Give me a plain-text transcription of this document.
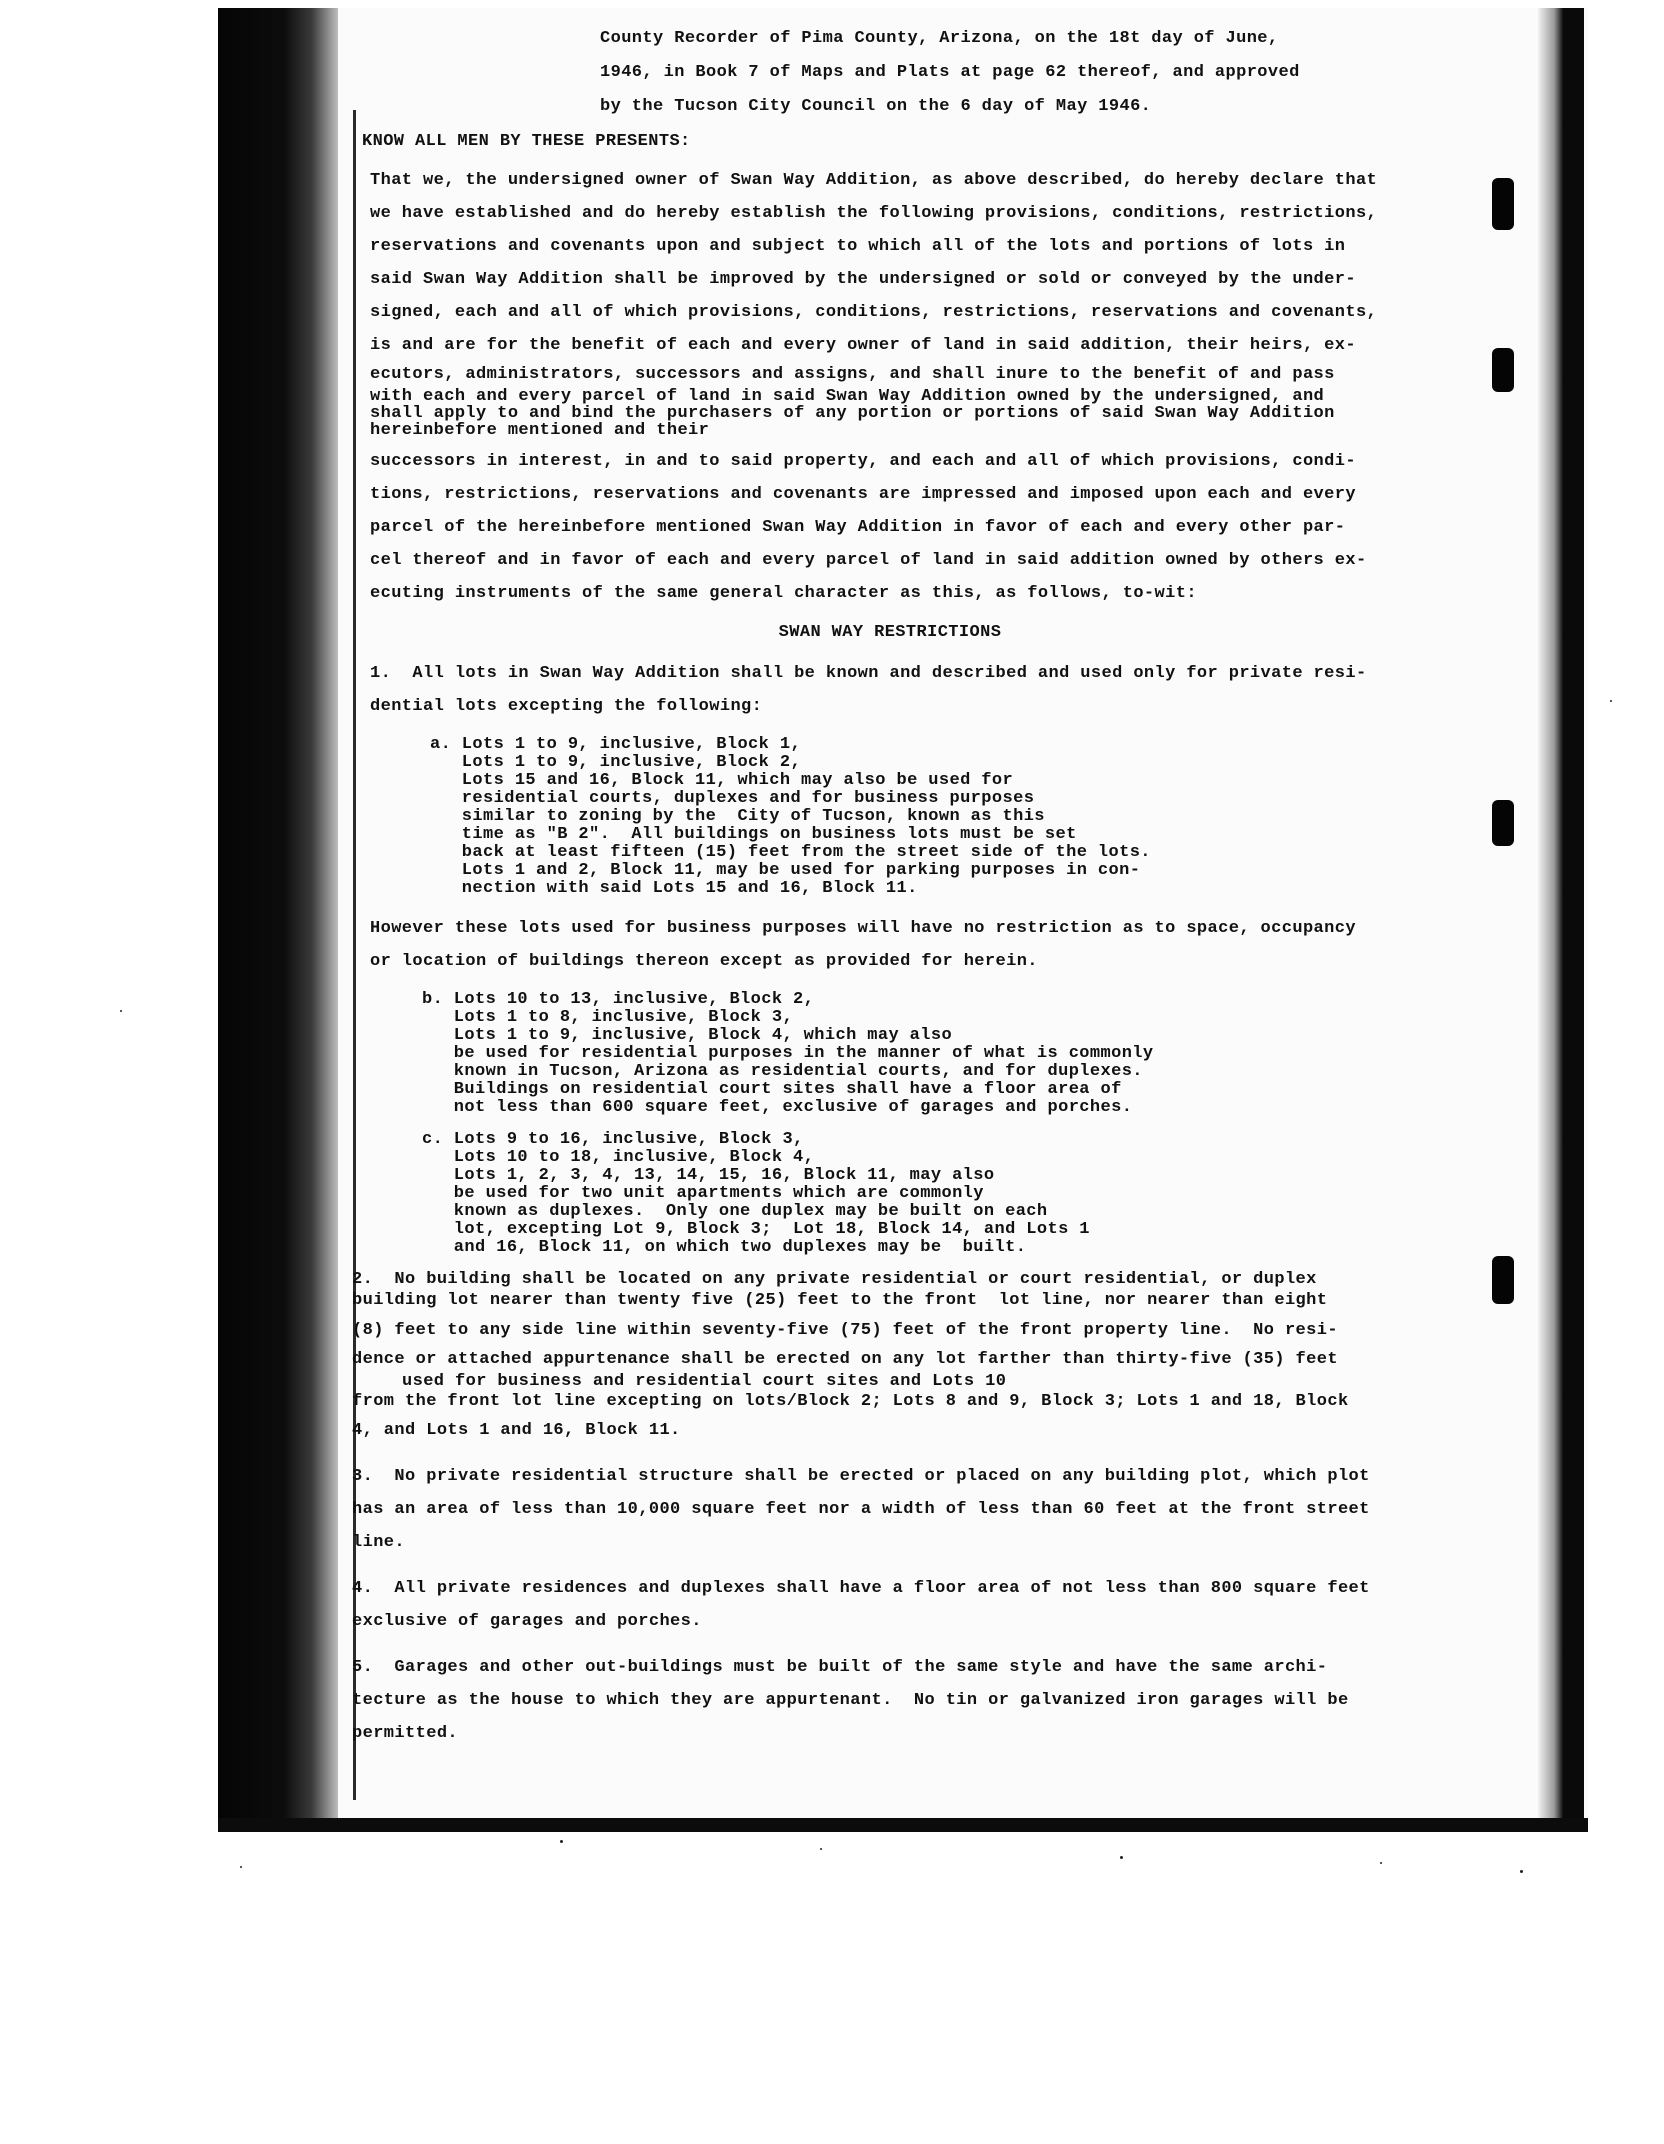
County Recorder of Pima County, Arizona, on the 18t day of June,
1946, in Book 7 of Maps and Plats at page 62 thereof, and approved
by the Tucson City Council on the 6 day of May 1946.
KNOW ALL MEN BY THESE PRESENTS:
That we, the undersigned owner of Swan Way Addition, as above described, do hereby declare that
we have established and do hereby establish the following provisions, conditions, restrictions,
reservations and covenants upon and subject to which all of the lots and portions of lots in
said Swan Way Addition shall be improved by the undersigned or sold or conveyed by the under-
signed, each and all of which provisions, conditions, restrictions, reservations and covenants,
is and are for the benefit of each and every owner of land in said addition, their heirs, ex-
ecutors, administrators, successors and assigns, and shall inure to the benefit of and pass
with each and every parcel of land in said Swan Way Addition owned by the undersigned, and
shall apply to and bind the purchasers of any portion or portions of said Swan Way Addition
hereinbefore mentioned and their
successors in interest, in and to said property, and each and all of which provisions, condi-
tions, restrictions, reservations and covenants are impressed and imposed upon each and every
parcel of the hereinbefore mentioned Swan Way Addition in favor of each and every other par-
cel thereof and in favor of each and every parcel of land in said addition owned by others ex-
ecuting instruments of the same general character as this, as follows, to-wit:
SWAN WAY RESTRICTIONS
1.  All lots in Swan Way Addition shall be known and described and used only for private resi-
dential lots excepting the following:
a. Lots 1 to 9, inclusive, Block 1,
Lots 1 to 9, inclusive, Block 2,
Lots 15 and 16, Block 11, which may also be used for
residential courts, duplexes and for business purposes
similar to zoning by the  City of Tucson, known as this
time as "B 2".  All buildings on business lots must be set
back at least fifteen (15) feet from the street side of the lots.
Lots 1 and 2, Block 11, may be used for parking purposes in con-
nection with said Lots 15 and 16, Block 11.
However these lots used for business purposes will have no restriction as to space, occupancy
or location of buildings thereon except as provided for herein.
b. Lots 10 to 13, inclusive, Block 2,
Lots 1 to 8, inclusive, Block 3,
Lots 1 to 9, inclusive, Block 4, which may also
be used for residential purposes in the manner of what is commonly
known in Tucson, Arizona as residential courts, and for duplexes.
Buildings on residential court sites shall have a floor area of
not less than 600 square feet, exclusive of garages and porches.
c. Lots 9 to 16, inclusive, Block 3,
Lots 10 to 18, inclusive, Block 4,
Lots 1, 2, 3, 4, 13, 14, 15, 16, Block 11, may also
be used for two unit apartments which are commonly
known as duplexes.  Only one duplex may be built on each
lot, excepting Lot 9, Block 3;  Lot 18, Block 14, and Lots 1
and 16, Block 11, on which two duplexes may be  built.
2.  No building shall be located on any private residential or court residential, or duplex
building lot nearer than twenty five (25) feet to the front  lot line, nor nearer than eight
(8) feet to any side line within seventy-five (75) feet of the front property line.  No resi-
dence or attached appurtenance shall be erected on any lot farther than thirty-five (35) feet
used for business and residential court sites and Lots 10
from the front lot line excepting on lots/Block 2; Lots 8 and 9, Block 3; Lots 1 and 18, Block
4, and Lots 1 and 16, Block 11.
3.  No private residential structure shall be erected or placed on any building plot, which plot
has an area of less than 10,000 square feet nor a width of less than 60 feet at the front street
line.
4.  All private residences and duplexes shall have a floor area of not less than 800 square feet
exclusive of garages and porches.
5.  Garages and other out-buildings must be built of the same style and have the same archi-
tecture as the house to which they are appurtenant.  No tin or galvanized iron garages will be
permitted.
